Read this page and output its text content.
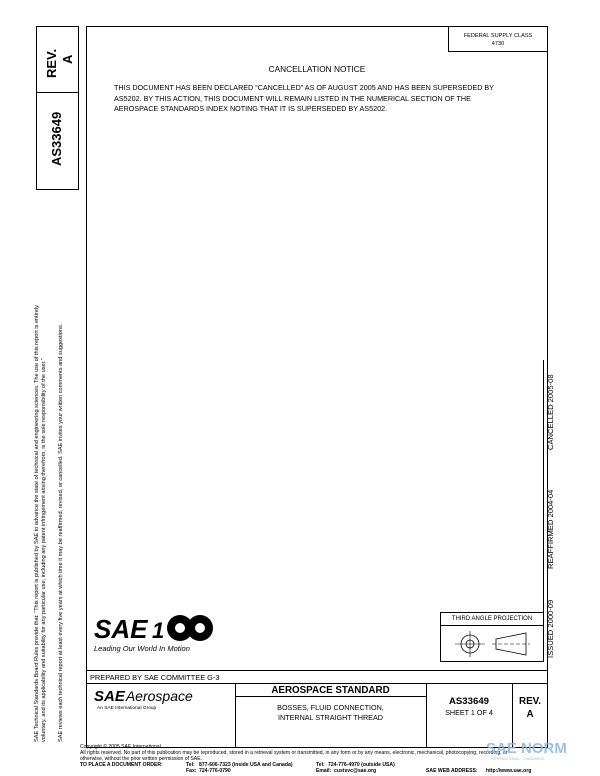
REV. A
AS33649
SAE Technical Standards Board Rules provide that: “This report is published by SAE to advance the state of technical and engineering sciences. The use of this report is entirely voluntary, and its applicability and suitability for any particular use, including any patent infringement arising therefrom, is the sole responsibility of the user.” SAE reviews each technical report at least every five years at which time it may be reaffirmed, revised, or cancelled. SAE invites your written comments and suggestions.
FEDERAL SUPPLY CLASS
4730
CANCELLATION NOTICE
THIS DOCUMENT HAS BEEN DECLARED “CANCELLED” AS OF AUGUST 2005 AND HAS BEEN SUPERSEDED BY
AS5202. BY THIS ACTION, THIS DOCUMENT WILL REMAIN LISTED IN THE NUMERICAL SECTION OF THE
AEROSPACE STANDARDS INDEX NOTING THAT IT IS SUPERSEDED BY AS5202.
ISSUED 2000-09
REAFFIRMED 2004-04
CANCELLED 2005-08
SAE 1
Leading Our World In Motion
THIRD ANGLE PROJECTION
PREPARED BY SAE COMMITTEE G-3
SAEAerospace
An SAE International Group
AEROSPACE STANDARD
BOSSES, FLUID CONNECTION,
INTERNAL STRAIGHT THREAD
AS33649
SHEET 1 OF 4
REV.
A
Copyright © 2005 SAE International
All rights reserved. No part of this publication may be reproduced, stored in a retrieval system or transmitted, in any form or by any means, electronic, mechanical, photocopying, recording, or
otherwise, without the prior written permission of SAE.
TO PLACE A DOCUMENT ORDER:	Tel: 877-606-7323 (inside USA and Canada)
Fax: 724-776-0790
Tel: 724-776-4970 (outside USA)
Email: custsvc@sae.org	SAE WEB ADDRESS: http://www.sae.org
SAE NORM
INTERNATIONAL · STANDARDS
